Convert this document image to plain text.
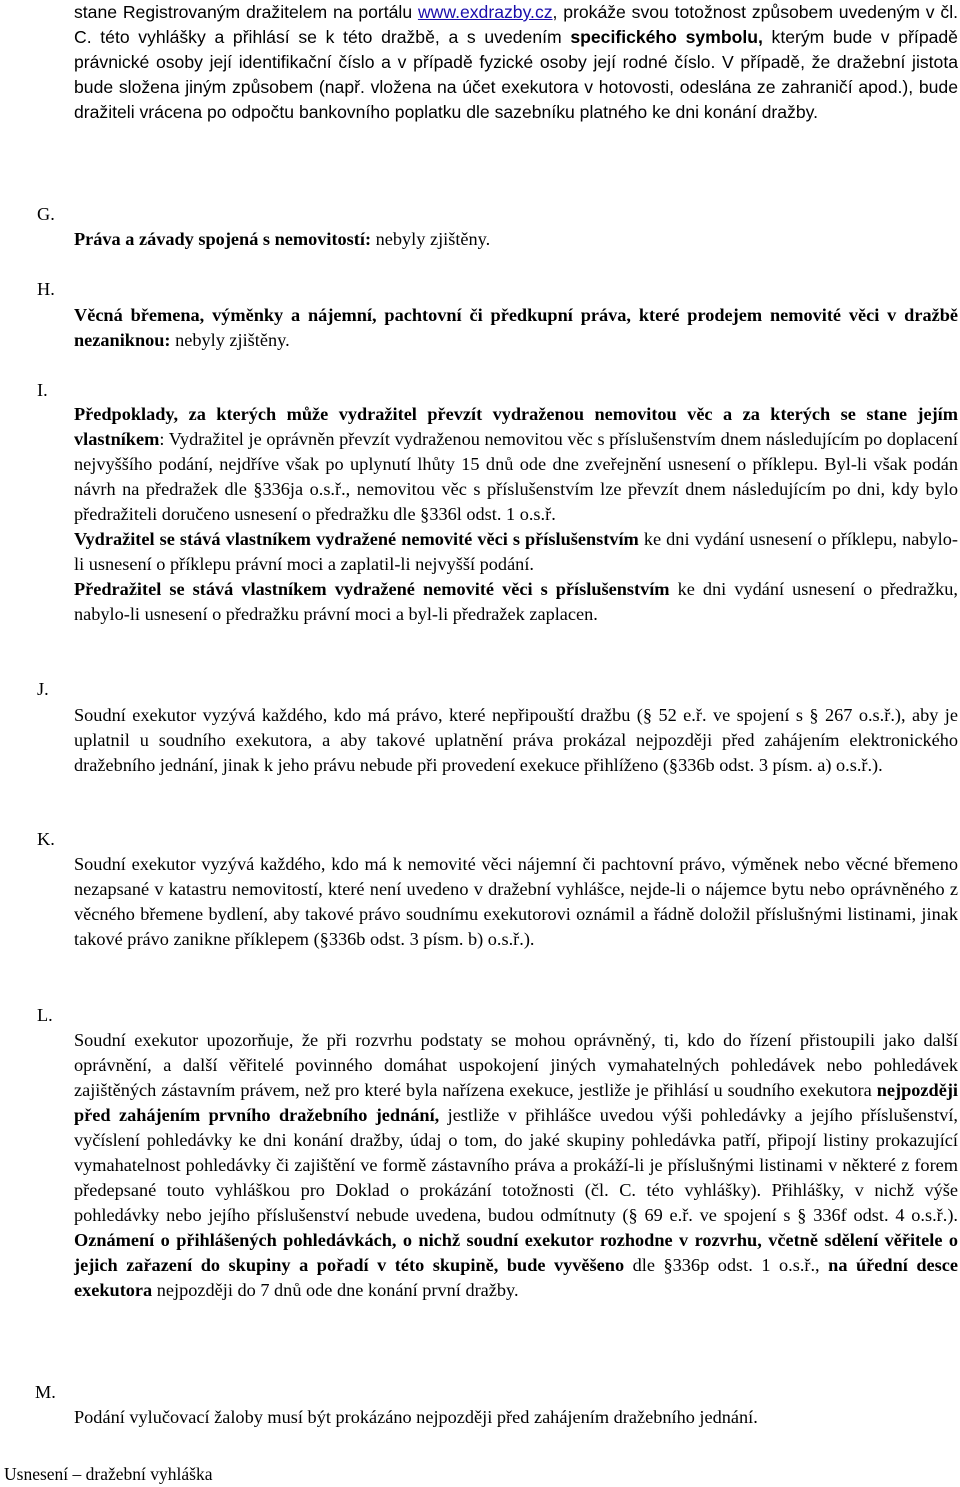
stane Registrovaným dražitelem na portálu www.exdrazby.cz, prokáže svou totožnost způsobem uvedeným v čl. C. této vyhlášky a přihlásí se k této dražbě, a s uvedením specifického symbolu, kterým bude v případě právnické osoby její identifikační číslo a v případě fyzické osoby její rodné číslo. V případě, že dražební jistota bude složena jiným způsobem (např. vložena na účet exekutora v hotovosti, odeslána ze zahraničí apod.), bude dražiteli vrácena po odpočtu bankovního poplatku dle sazebníku platného ke dni konání dražby.

G.

Práva a závady spojená s nemovitostí: nebyly zjištěny.

H.

Věcná břemena, výměnky a nájemní, pachtovní či předkupní práva, které prodejem nemovité věci v dražbě nezaniknou: nebyly zjištěny.

I.

Předpoklady, za kterých může vydražitel převzít vydraženou nemovitou věc a za kterých se stane jejím vlastníkem: Vydražitel je oprávněn převzít vydraženou nemovitou věc s příslušenstvím dnem následujícím po doplacení nejvyššího podání, nejdříve však po uplynutí lhůty 15 dnů ode dne zveřejnění usnesení o příklepu. Byl-li však podán návrh na předražek dle §336ja o.s.ř., nemovitou věc s příslušenstvím lze převzít dnem následujícím po dni, kdy bylo předražiteli doručeno usnesení o předražku dle §336l odst. 1 o.s.ř.

Vydražitel se stává vlastníkem vydražené nemovité věci s příslušenstvím ke dni vydání usnesení o příklepu, nabylo-li usnesení o příklepu právní moci a zaplatil-li nejvyšší podání.

Předražitel se stává vlastníkem vydražené nemovité věci s příslušenstvím ke dni vydání usnesení o předražku, nabylo-li usnesení o předražku právní moci a byl-li předražek zaplacen.

J.

Soudní exekutor vyzývá každého, kdo má právo, které nepřipouští dražbu (§ 52 e.ř. ve spojení s § 267 o.s.ř.), aby je uplatnil u soudního exekutora, a aby takové uplatnění práva prokázal nejpozději před zahájením elektronického dražebního jednání, jinak k jeho právu nebude při provedení exekuce přihlíženo (§336b odst. 3 písm. a) o.s.ř.).

K.

Soudní exekutor vyzývá každého, kdo má k nemovité věci nájemní či pachtovní právo, výměnek nebo věcné břemeno nezapsané v katastru nemovitostí, které není uvedeno v dražební vyhlášce, nejde-li o nájemce bytu nebo oprávněného z věcného břemene bydlení, aby takové právo soudnímu exekutorovi oznámil a řádně doložil příslušnými listinami, jinak takové právo zanikne příklepem (§336b odst. 3 písm. b) o.s.ř.).

L.

Soudní exekutor upozorňuje, že při rozvrhu podstaty se mohou oprávněný, ti, kdo do řízení přistoupili jako další oprávnění, a další věřitelé povinného domáhat uspokojení jiných vymahatelných pohledávek nebo pohledávek zajištěných zástavním právem, než pro které byla nařízena exekuce, jestliže je přihlásí u soudního exekutora nejpozději před zahájením prvního dražebního jednání, jestliže v přihlášce uvedou výši pohledávky a jejího příslušenství, vyčíslení pohledávky ke dni konání dražby, údaj o tom, do jaké skupiny pohledávka patří, připojí listiny prokazující vymahatelnost pohledávky či zajištění ve formě zástavního práva a prokáží-li je příslušnými listinami v některé z forem předepsané touto vyhláškou pro Doklad o prokázání totožnosti (čl. C. této vyhlášky). Přihlášky, v nichž výše pohledávky nebo jejího příslušenství nebude uvedena, budou odmítnuty (§ 69 e.ř. ve spojení s § 336f odst. 4 o.s.ř.). Oznámení o přihlášených pohledávkách, o nichž soudní exekutor rozhodne v rozvrhu, včetně sdělení věřitele o jejich zařazení do skupiny a pořadí v této skupině, bude vyvěšeno dle §336p odst. 1 o.s.ř., na úřední desce exekutora nejpozději do 7 dnů ode dne konání první dražby.

M.

Podání vylučovací žaloby musí být prokázáno nejpozději před zahájením dražebního jednání.

Usnesení – dražební vyhláška
